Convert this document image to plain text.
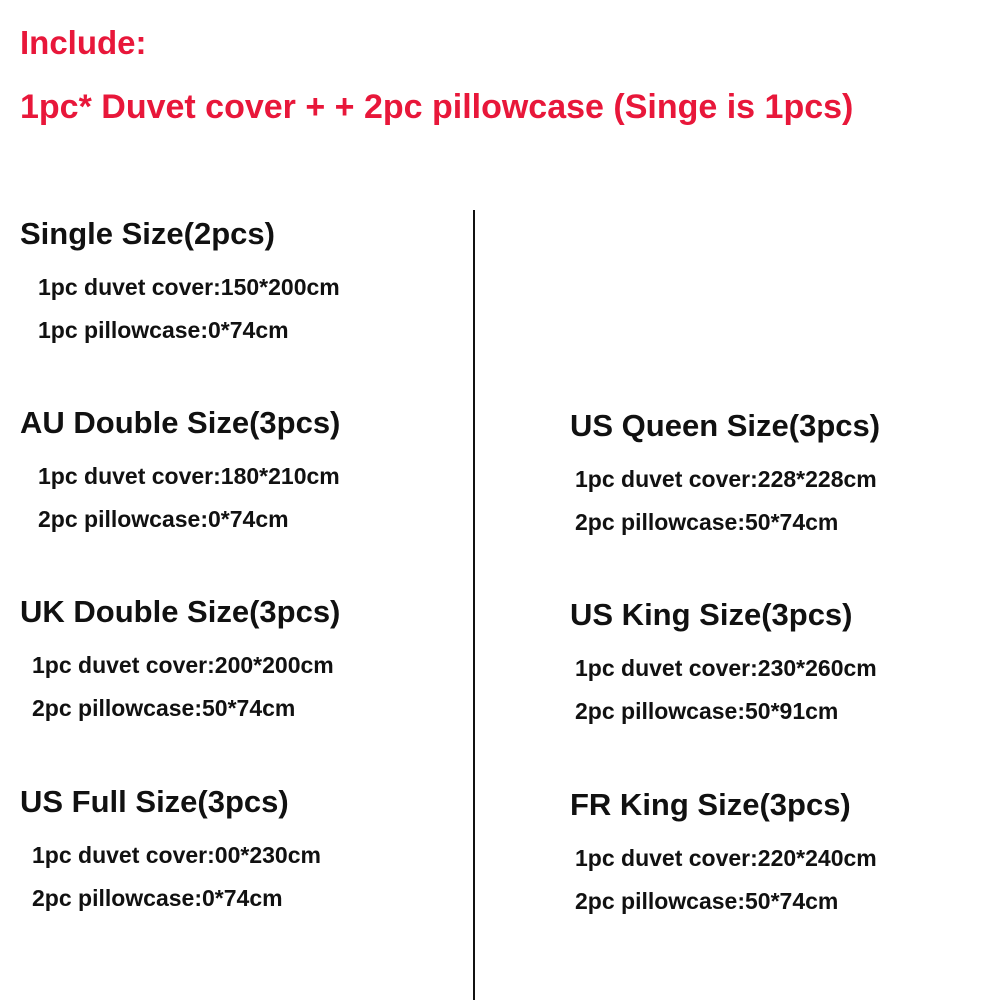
Include:
1pc* Duvet cover + + 2pc pillowcase (Singe is 1pcs)
Single Size(2pcs)
1pc duvet cover:150*200cm
1pc pillowcase:0*74cm
AU Double Size(3pcs)
1pc duvet cover:180*210cm
2pc pillowcase:0*74cm
UK Double Size(3pcs)
1pc duvet cover:200*200cm
2pc pillowcase:50*74cm
US Full Size(3pcs)
1pc duvet cover:00*230cm
2pc pillowcase:0*74cm
US Queen Size(3pcs)
1pc duvet cover:228*228cm
2pc pillowcase:50*74cm
US King Size(3pcs)
1pc duvet cover:230*260cm
2pc pillowcase:50*91cm
FR King Size(3pcs)
1pc duvet cover:220*240cm
2pc pillowcase:50*74cm
